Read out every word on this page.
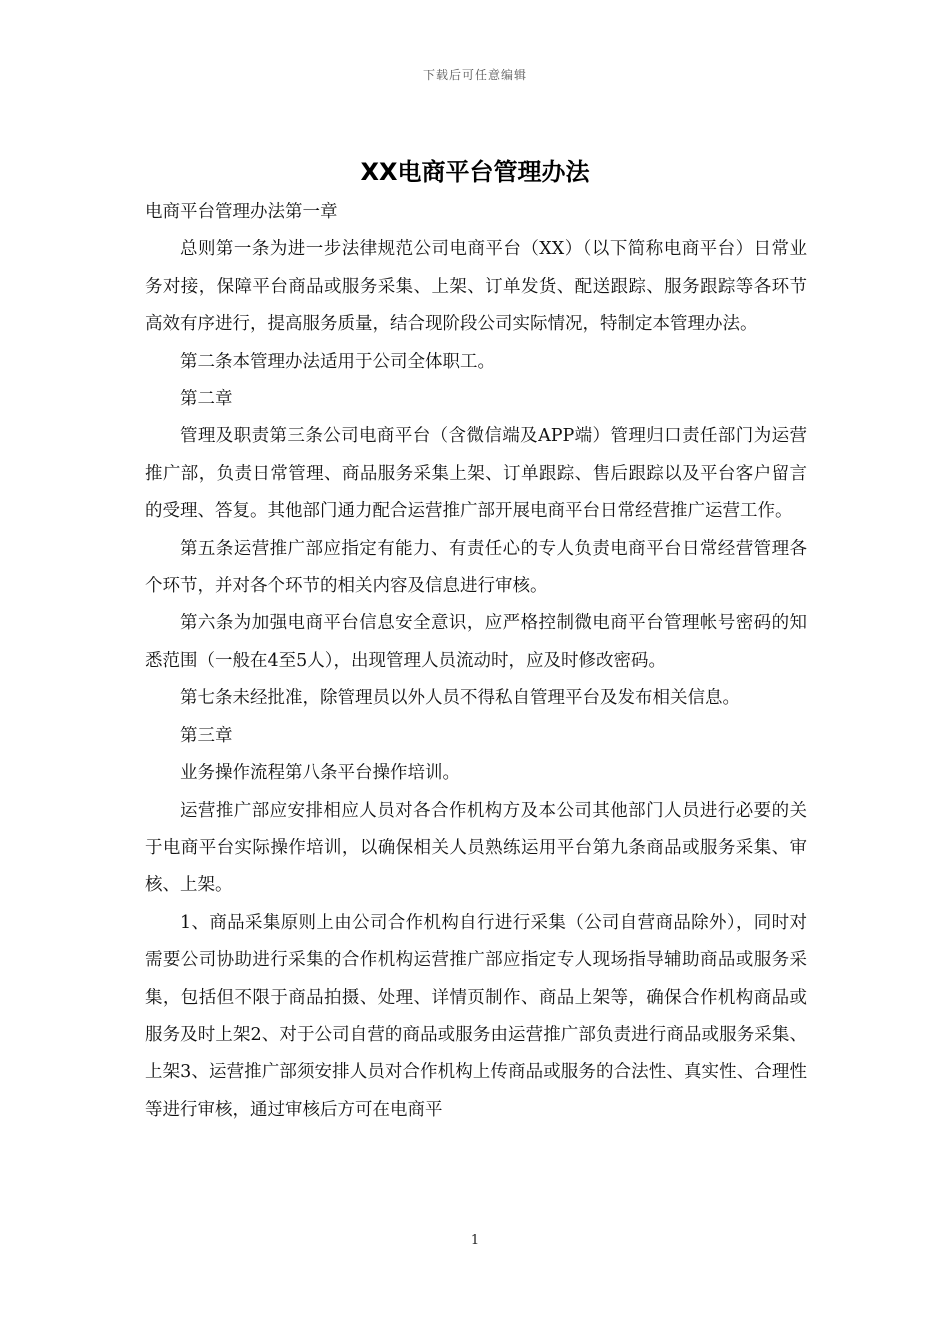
下载后可任意编辑
XX电商平台管理办法

电商平台管理办法第一章

总则第一条为进一步法律规范公司电商平台（XX）（以下简称电商平台）日常业务对接，保障平台商品或服务采集、上架、订单发货、配送跟踪、服务跟踪等各环节高效有序进行，提高服务质量，结合现阶段公司实际情况，特制定本管理办法。

第二条本管理办法适用于公司全体职工。

第二章

管理及职责第三条公司电商平台（含微信端及APP端）管理归口责任部门为运营推广部，负责日常管理、商品服务采集上架、订单跟踪、售后跟踪以及平台客户留言的受理、答复。其他部门通力配合运营推广部开展电商平台日常经营推广运营工作。

第五条运营推广部应指定有能力、有责任心的专人负责电商平台日常经营管理各个环节，并对各个环节的相关内容及信息进行审核。

第六条为加强电商平台信息安全意识，应严格控制微电商平台管理帐号密码的知悉范围（一般在4至5人），出现管理人员流动时，应及时修改密码。

第七条未经批准，除管理员以外人员不得私自管理平台及发布相关信息。

第三章

业务操作流程第八条平台操作培训。

运营推广部应安排相应人员对各合作机构方及本公司其他部门人员进行必要的关于电商平台实际操作培训，以确保相关人员熟练运用平台第九条商品或服务采集、审核、上架。

1、商品采集原则上由公司合作机构自行进行采集（公司自营商品除外），同时对需要公司协助进行采集的合作机构运营推广部应指定专人现场指导辅助商品或服务采集，包括但不限于商品拍摄、处理、详情页制作、商品上架等，确保合作机构商品或服务及时上架2、对于公司自营的商品或服务由运营推广部负责进行商品或服务采集、上架3、运营推广部须安排人员对合作机构上传商品或服务的合法性、真实性、合理性等进行审核，通过审核后方可在电商平

1
